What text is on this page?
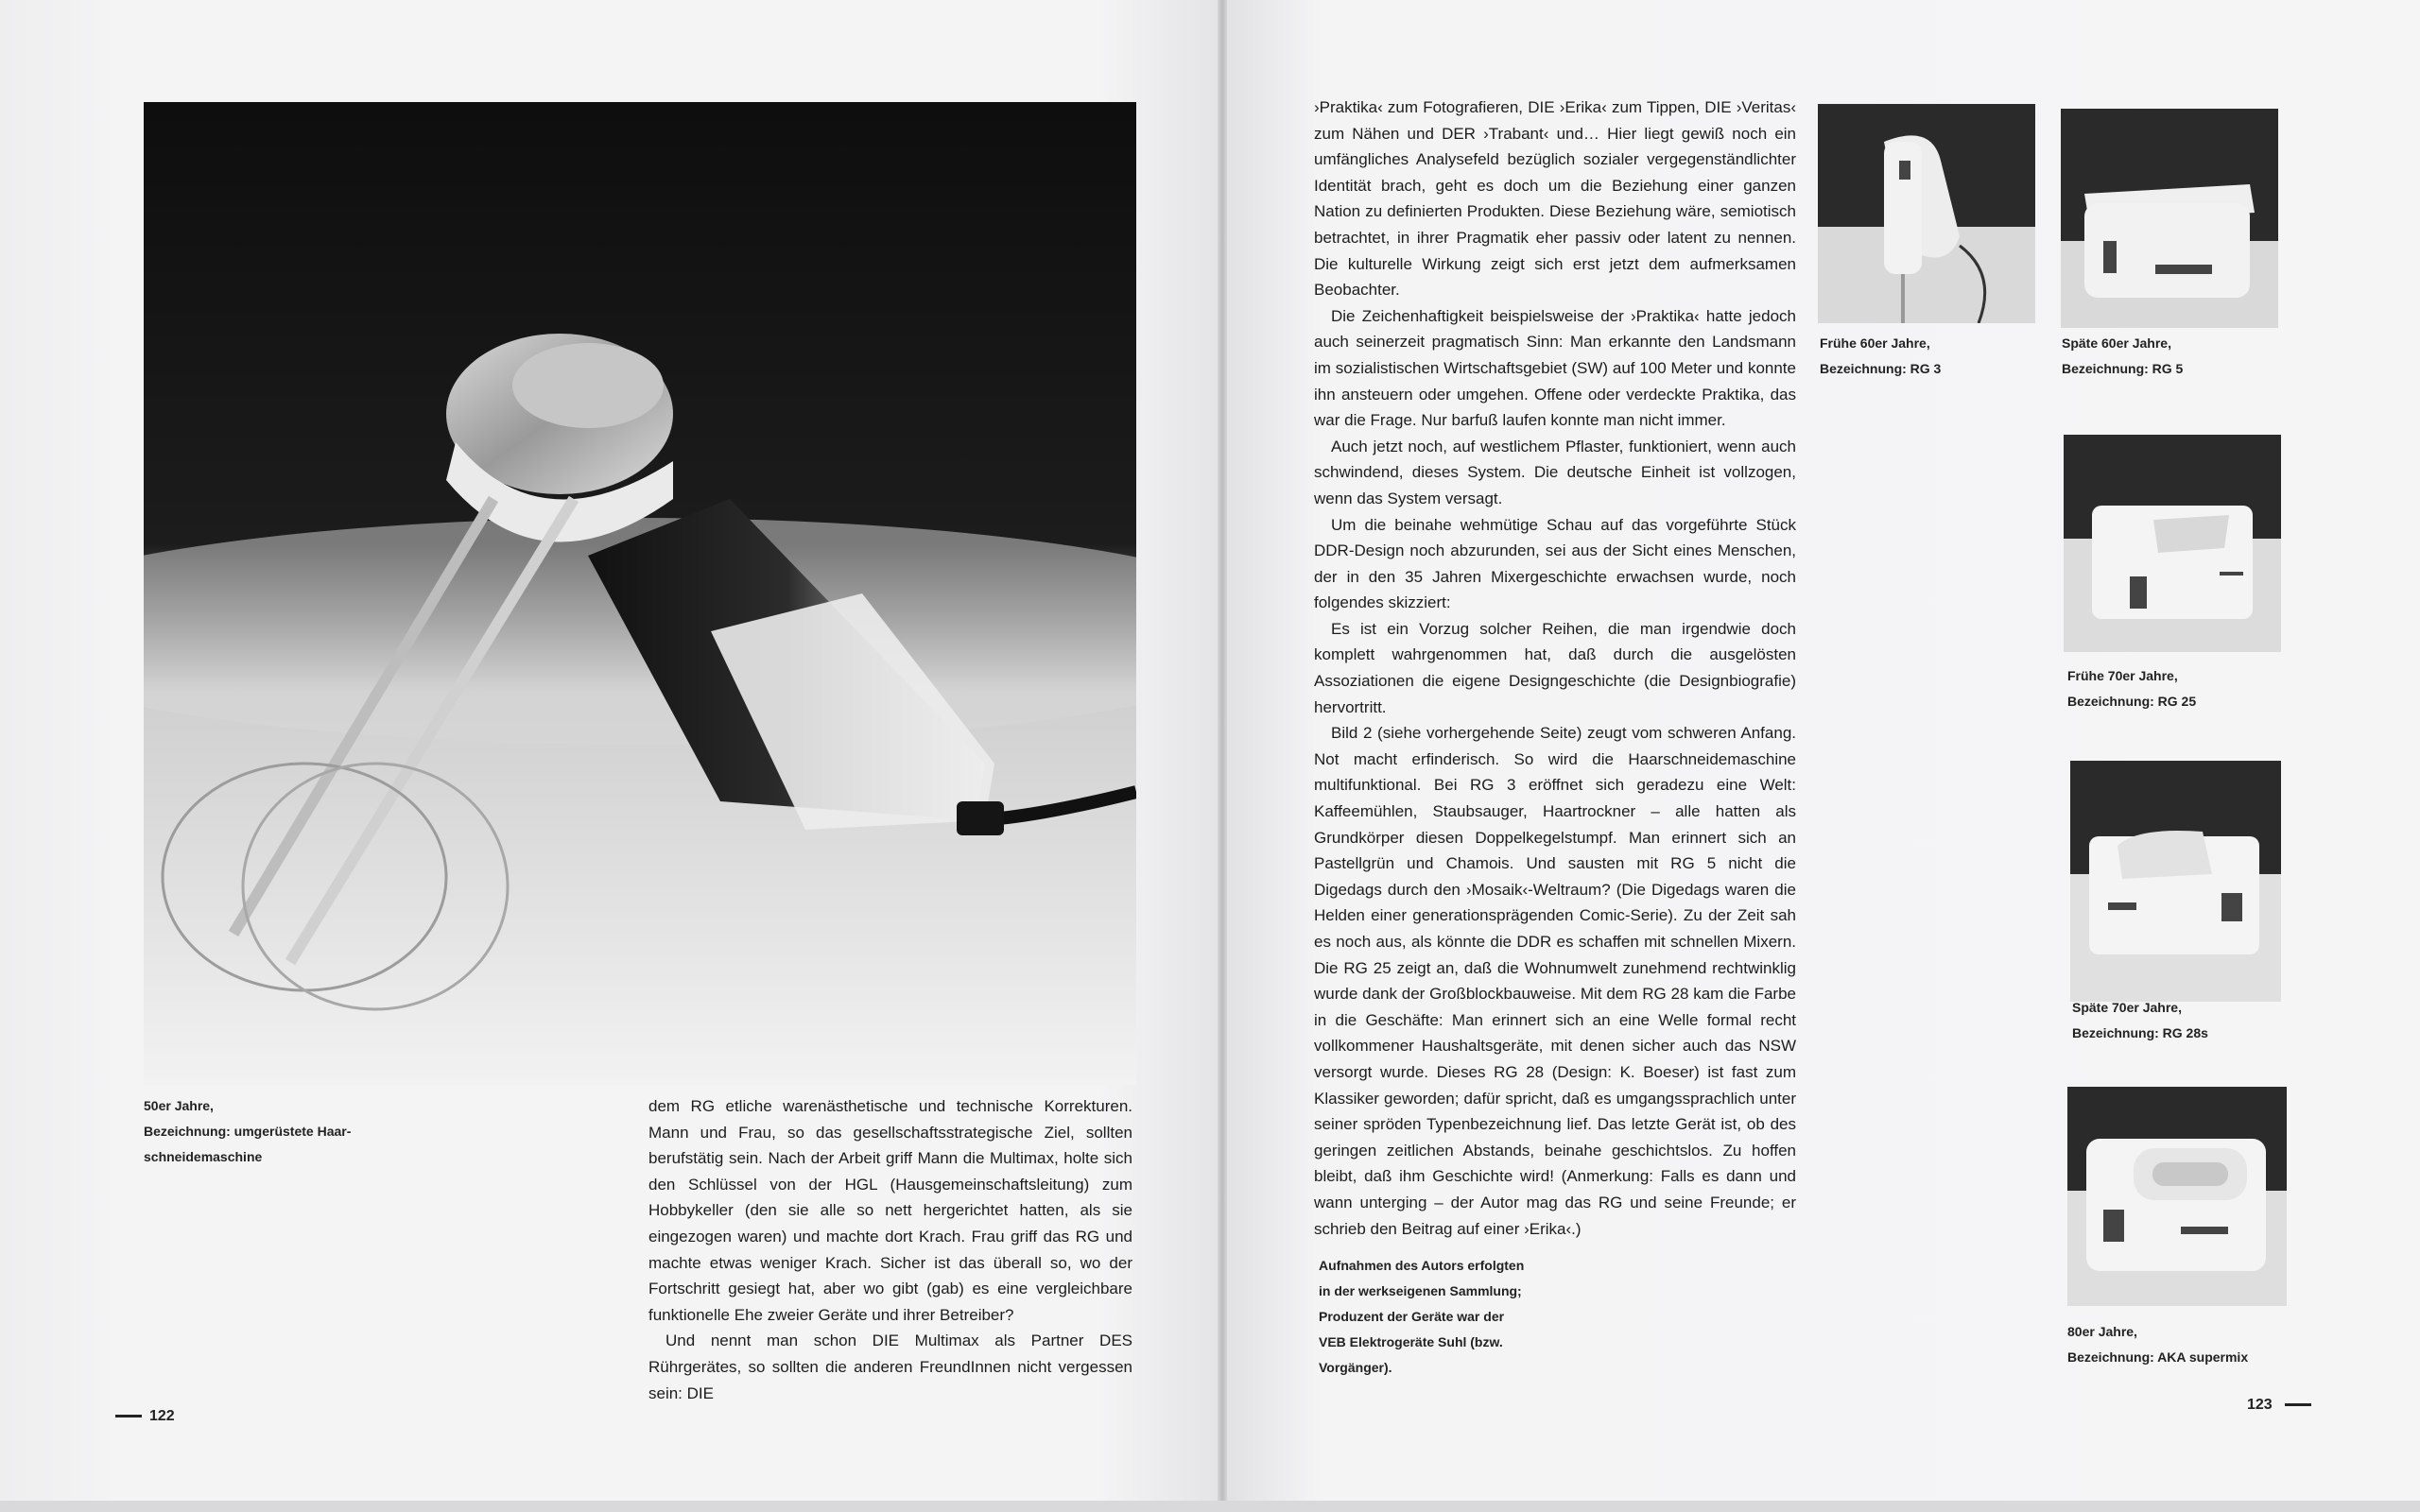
50er Jahre,
Bezeichnung: umgerüstete Haar-
schneidemaschine

dem RG etliche warenästhetische und technische Korrekturen. Mann und Frau, so das gesellschaftsstrategische Ziel, sollten berufstätig sein. Nach der Arbeit griff Mann die Multimax, holte sich den Schlüssel von der HGL (Hausgemeinschaftsleitung) zum Hobbykeller (den sie alle so nett hergerichtet hatten, als sie eingezogen waren) und machte dort Krach. Frau griff das RG und machte etwas weniger Krach. Sicher ist das überall so, wo der Fortschritt gesiegt hat, aber wo gibt (gab) es eine vergleichbare funktionelle Ehe zweier Geräte und ihrer Betreiber?

Und nennt man schon DIE Multimax als Partner DES Rührgerätes, so sollten die anderen FreundInnen nicht vergessen sein: DIE

122

›Praktika‹ zum Fotografieren, DIE ›Erika‹ zum Tippen, DIE ›Veritas‹ zum Nähen und DER ›Trabant‹ und… Hier liegt gewiß noch ein umfängliches Analysefeld bezüglich sozialer vergegenständlichter Identität brach, geht es doch um die Beziehung einer ganzen Nation zu definierten Produkten. Diese Beziehung wäre, semiotisch betrachtet, in ihrer Pragmatik eher passiv oder latent zu nennen. Die kulturelle Wirkung zeigt sich erst jetzt dem aufmerksamen Beobachter.

Die Zeichenhaftigkeit beispielsweise der ›Praktika‹ hatte jedoch auch seinerzeit pragmatisch Sinn: Man erkannte den Landsmann im sozialistischen Wirtschaftsgebiet (SW) auf 100 Meter und konnte ihn ansteuern oder umgehen. Offene oder verdeckte Praktika, das war die Frage. Nur barfuß laufen konnte man nicht immer.

Auch jetzt noch, auf westlichem Pflaster, funktioniert, wenn auch schwindend, dieses System. Die deutsche Einheit ist vollzogen, wenn das System versagt.

Um die beinahe wehmütige Schau auf das vorgeführte Stück DDR-Design noch abzurunden, sei aus der Sicht eines Menschen, der in den 35 Jahren Mixergeschichte erwachsen wurde, noch folgendes skizziert:

Es ist ein Vorzug solcher Reihen, die man irgendwie doch komplett wahrgenommen hat, daß durch die ausgelösten Assoziationen die eigene Designgeschichte (die Designbiografie) hervortritt.

Bild 2 (siehe vorhergehende Seite) zeugt vom schweren Anfang. Not macht erfinderisch. So wird die Haarschneidemaschine multifunktional. Bei RG 3 eröffnet sich geradezu eine Welt: Kaffeemühlen, Staubsauger, Haartrockner – alle hatten als Grundkörper diesen Doppelkegelstumpf. Man erinnert sich an Pastellgrün und Chamois. Und sausten mit RG 5 nicht die Digedags durch den ›Mosaik‹-Weltraum? (Die Digedags waren die Helden einer generationsprägenden Comic-Serie). Zu der Zeit sah es noch aus, als könnte die DDR es schaffen mit schnellen Mixern. Die RG 25 zeigt an, daß die Wohnumwelt zunehmend rechtwinklig wurde dank der Großblockbauweise. Mit dem RG 28 kam die Farbe in die Geschäfte: Man erinnert sich an eine Welle formal recht vollkommener Haushaltsgeräte, mit denen sicher auch das NSW versorgt wurde. Dieses RG 28 (Design: K. Boeser) ist fast zum Klassiker geworden; dafür spricht, daß es umgangssprachlich unter seiner spröden Typenbezeichnung lief. Das letzte Gerät ist, ob des geringen zeitlichen Abstands, beinahe geschichtslos. Zu hoffen bleibt, daß ihm Geschichte wird! (Anmerkung: Falls es dann und wann unterging – der Autor mag das RG und seine Freunde; er schrieb den Beitrag auf einer ›Erika‹.)

Aufnahmen des Autors erfolgten
in der werkseigenen Sammlung;
Produzent der Geräte war der
VEB Elektrogeräte Suhl (bzw.
Vorgänger).
Frühe 60er Jahre,
Bezeichnung: RG 3
Späte 60er Jahre,
Bezeichnung: RG 5
Frühe 70er Jahre,
Bezeichnung: RG 25
Späte 70er Jahre,
Bezeichnung: RG 28s
80er Jahre,
Bezeichnung: AKA supermix
123
